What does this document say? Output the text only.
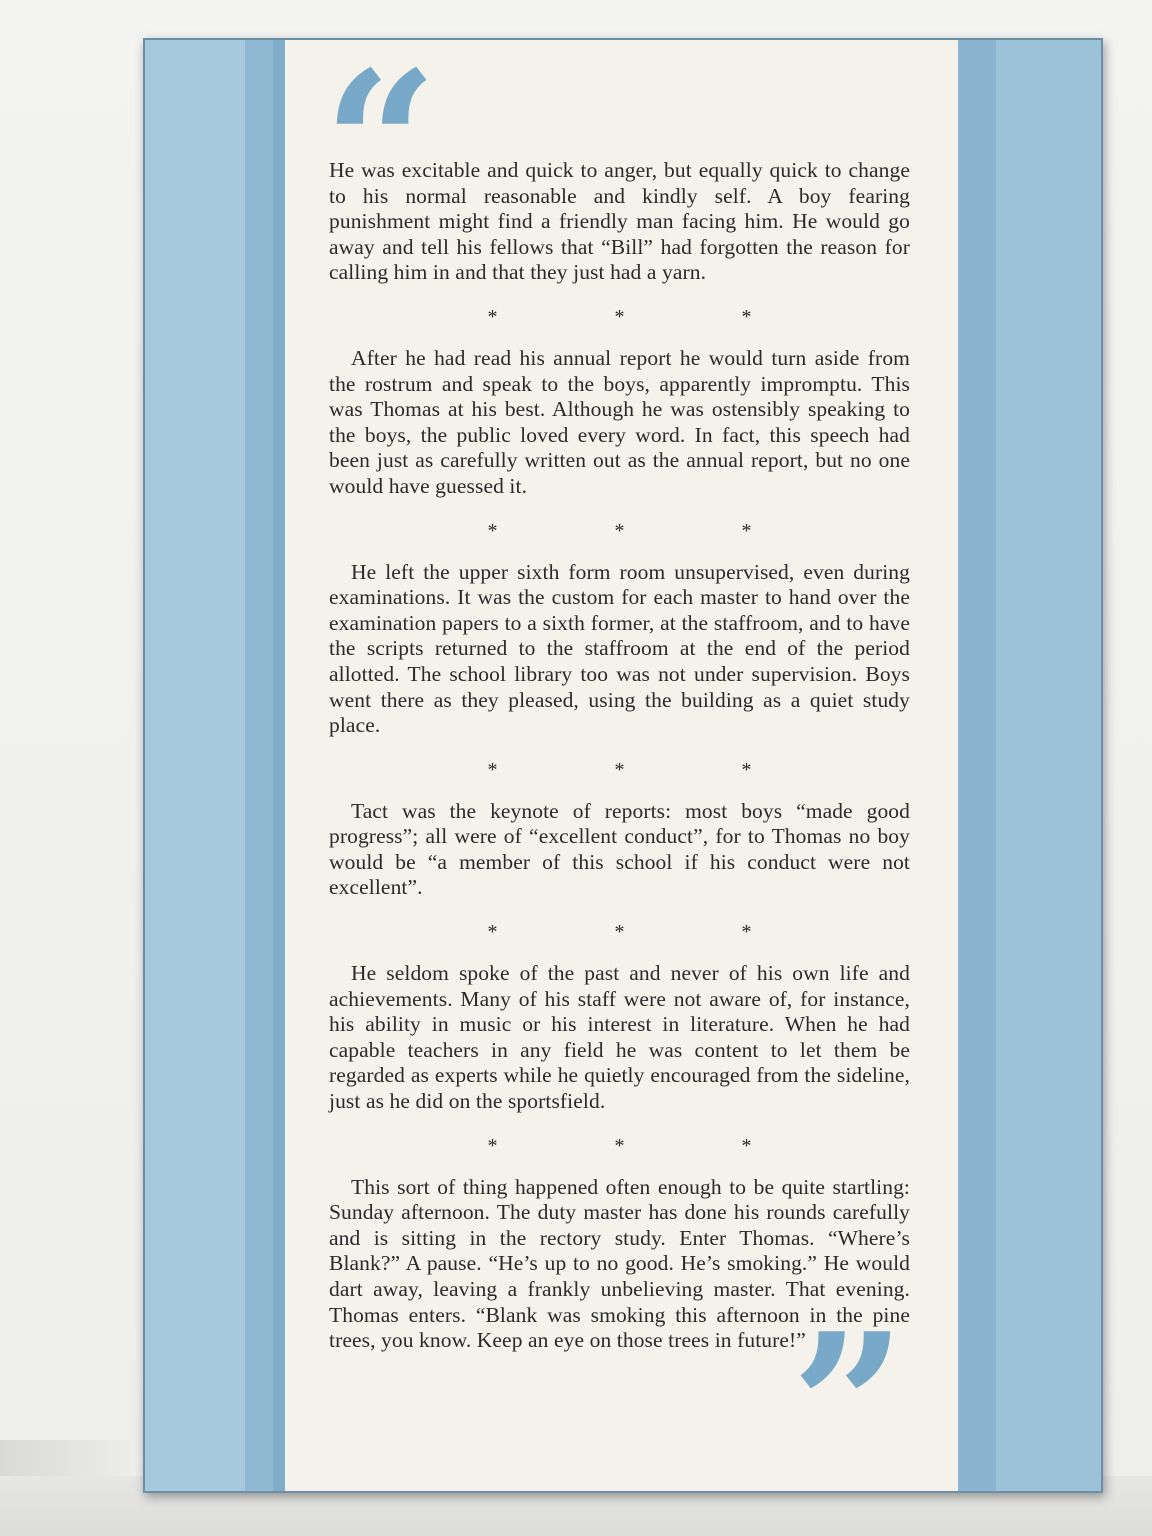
“

He was excitable and quick to anger, but equally quick to change to his normal reasonable and kindly self. A boy fearing punishment might find a friendly man facing him. He would go away and tell his fellows that “Bill” had forgotten the reason for calling him in and that they just had a yarn.

* * *

After he had read his annual report he would turn aside from the rostrum and speak to the boys, apparently impromptu. This was Thomas at his best. Although he was ostensibly speaking to the boys, the public loved every word. In fact, this speech had been just as carefully written out as the annual report, but no one would have guessed it.

* * *

He left the upper sixth form room unsupervised, even during examinations. It was the custom for each master to hand over the examination papers to a sixth former, at the staffroom, and to have the scripts returned to the staffroom at the end of the period allotted. The school library too was not under supervision. Boys went there as they pleased, using the building as a quiet study place.

* * *

Tact was the keynote of reports: most boys “made good progress”; all were of “excellent conduct”, for to Thomas no boy would be “a member of this school if his conduct were not excellent”.

* * *

He seldom spoke of the past and never of his own life and achievements. Many of his staff were not aware of, for instance, his ability in music or his interest in literature. When he had capable teachers in any field he was content to let them be regarded as experts while he quietly encouraged from the sideline, just as he did on the sportsfield.

* * *

This sort of thing happened often enough to be quite startling: Sunday afternoon. The duty master has done his rounds carefully and is sitting in the rectory study. Enter Thomas. “Where’s Blank?” A pause. “He’s up to no good. He’s smoking.” He would dart away, leaving a frankly unbelieving master. That evening. Thomas enters. “Blank was smoking this afternoon in the pine trees, you know. Keep an eye on those trees in future!”

”
